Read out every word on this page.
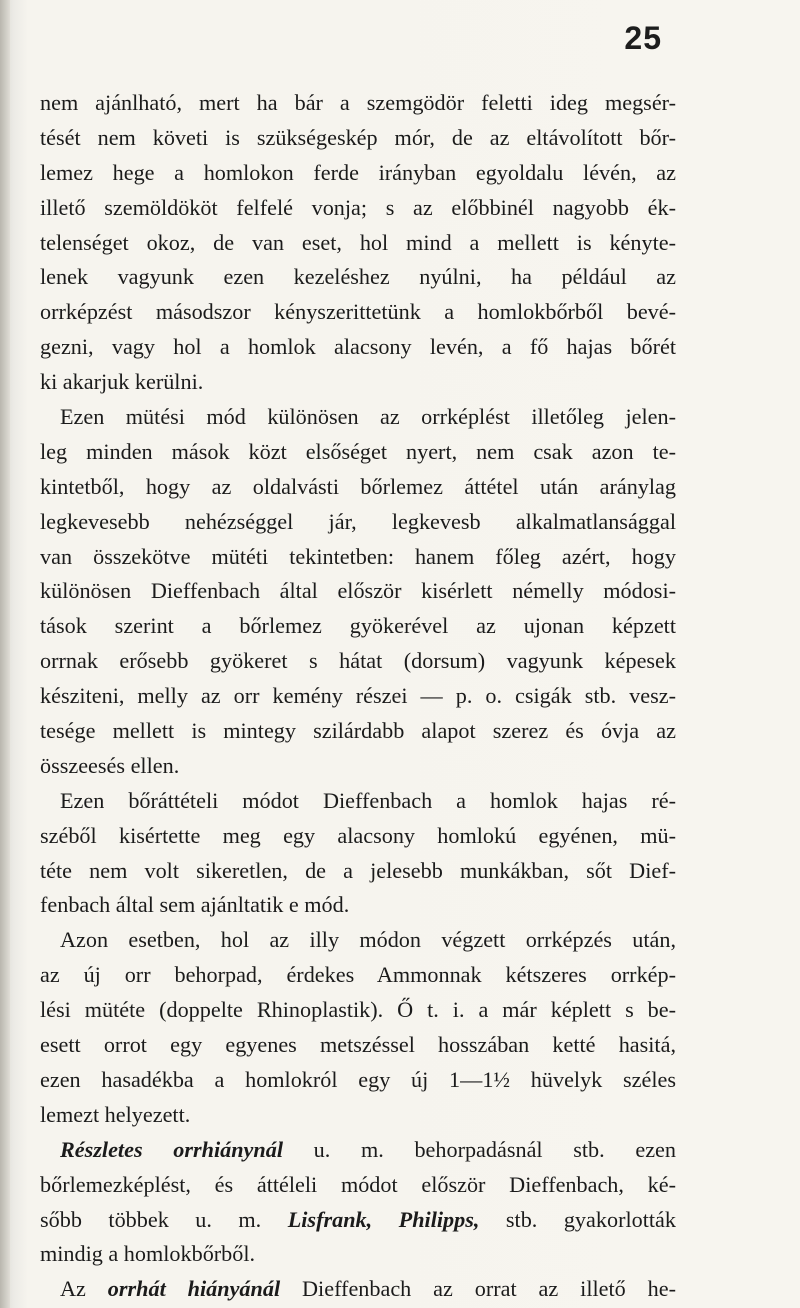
25
nem ajánlható, mert ha bár a szemgödör feletti ideg megsér-
tését nem követi is szükségeskép mór, de az eltávolított bőr-
lemez hege a homlokon ferde irányban egyoldalu lévén, az
illető szemöldököt felfelé vonja; s az előbbinél nagyobb ék-
telenséget okoz, de van eset, hol mind a mellett is kényte-
lenek vagyunk ezen kezeléshez nyúlni, ha például az
orrképzést másodszor kényszerittetünk a homlokbőrből bevé-
gezni, vagy hol a homlok alacsony levén, a fő hajas bőrét
ki akarjuk kerülni.
Ezen mütési mód különösen az orrképlést illetőleg jelen-
leg minden mások közt elsőséget nyert, nem csak azon te-
kintetből, hogy az oldalvásti bőrlemez áttétel után aránylag
legkevesebb nehézséggel jár, legkevesb alkalmatlansággal
van összekötve mütéti tekintetben: hanem főleg azért, hogy
különösen Dieffenbach által először kisérlett némelly módosi-
tások szerint a bőrlemez gyökerével az ujonan képzett
orrnak erősebb gyökeret s hátat (dorsum) vagyunk képesek
késziteni, melly az orr kemény részei — p. o. csigák stb. vesz-
tesége mellett is mintegy szilárdabb alapot szerez és óvja az
összeesés ellen.
Ezen bőráttételi módot Dieffenbach a homlok hajas ré-
széből kisértette meg egy alacsony homlokú egyénen, mü-
téte nem volt sikeretlen, de a jelesebb munkákban, sőt Dief-
fenbach által sem ajánltatik e mód.
Azon esetben, hol az illy módon végzett orrképzés után,
az új orr behorpad, érdekes Ammonnak kétszeres orrkép-
lési mütéte (doppelte Rhinoplastik). Ő t. i. a már képlett s be-
esett orrot egy egyenes metszéssel hosszában ketté hasitá,
ezen hasadékba a homlokról egy új 1—1½ hüvelyk széles
lemezt helyezett.
Részletes orrhiánynál u. m. behorpadásnál stb. ezen
bőrlemezképlést, és áttéleli módot először Dieffenbach, ké-
sőbb többek u. m. Lisfrank, Philipps, stb. gyakorlották
mindig a homlokbőrből.
Az orrhát hiányánál Dieffenbach az orrat az illető he-
